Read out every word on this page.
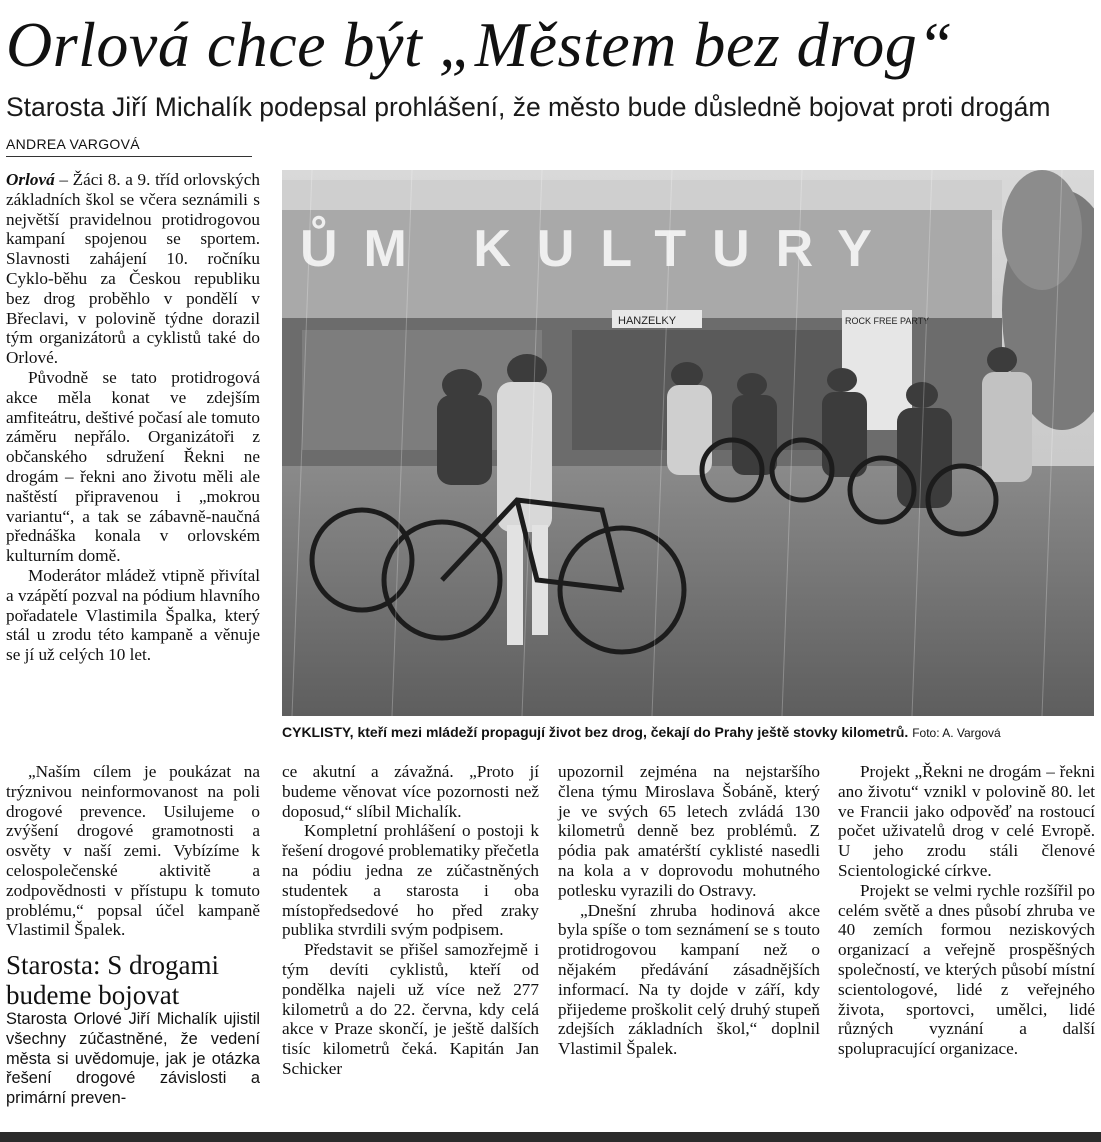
Orlová chce být „Městem bez drog“
Starosta Jiří Michalík podepsal prohlášení, že město bude důsledně bojovat proti drogám
ANDREA VARGOVÁ

Orlová – Žáci 8. a 9. tříd orlovských základních škol se včera seznámili s největší pravidelnou protidrogovou kampaní spojenou se sportem. Slavnosti zahájení 10. ročníku Cyklo-běhu za Českou republiku bez drog proběhlo v pondělí v Břeclavi, v polovině týdne dorazil tým organizátorů a cyklistů také do Orlové.

Původně se tato protidrogová akce měla konat ve zdejším amfiteátru, deštivé počasí ale tomuto záměru nepřálo. Organizátoři z občanského sdružení Řekni ne drogám – řekni ano životu měli ale naštěstí připravenou i „mokrou variantu“, a tak se zábavně-naučná přednáška konala v orlovském kulturním domě.

Moderátor mládež vtipně přivítal a vzápětí pozval na pódium hlavního pořadatele Vlastimila Špalka, který stál u zrodu této kampaně a věnuje se jí už celých 10 let.

„Naším cílem je poukázat na trýznivou neinformovanost na poli drogové prevence. Usilujeme o zvýšení drogové gramotnosti a osvěty v naší zemi. Vybízíme k celospolečenské aktivitě a zodpovědnosti v přístupu k tomuto problému,“ popsal účel kampaně Vlastimil Špalek.

Starosta: S drogami budeme bojovat

Starosta Orlové Jiří Michalík ujistil všechny zúčastněné, že vedení města si uvědomuje, jak je otázka řešení drogové závislosti a primární preven-

ŮM KULTURY
HANZELKY	ROCK FREE PARTY
CYKLISTY, kteří mezi mládeží propagují život bez drog, čekají do Prahy ještě stovky kilometrů. Foto: A. Vargová

ce akutní a závažná. „Proto jí budeme věnovat více pozornosti než doposud,“ slíbil Michalík.

Kompletní prohlášení o postoji k řešení drogové problematiky přečetla na pódiu jedna ze zúčastněných studentek a starosta i oba místopředsedové ho před zraky publika stvrdili svým podpisem.

Představit se přišel samozřejmě i tým devíti cyklistů, kteří od pondělka najeli už více než 277 kilometrů a do 22. června, kdy celá akce v Praze skončí, je ještě dalších tisíc kilometrů čeká. Kapitán Jan Schicker

upozornil zejména na nejstaršího člena týmu Miroslava Šobáně, který je ve svých 65 letech zvládá 130 kilometrů denně bez problémů. Z pódia pak amatérští cyklisté nasedli na kola a v doprovodu mohutného potlesku vyrazili do Ostravy.

„Dnešní zhruba hodinová akce byla spíše o tom seznámení se s touto protidrogovou kampaní než o nějakém předávání zásadnějších informací. Na ty dojde v září, kdy přijedeme proškolit celý druhý stupeň zdejších základních škol,“ doplnil Vlastimil Špalek.

Projekt „Řekni ne drogám – řekni ano životu“ vznikl v polovině 80. let ve Francii jako odpověď na rostoucí počet uživatelů drog v celé Evropě. U jeho zrodu stáli členové Scientologické církve.

Projekt se velmi rychle rozšířil po celém světě a dnes působí zhruba ve 40 zemích formou neziskových organizací a veřejně prospěšných společností, ve kterých působí místní scientologové, lidé z veřejného života, sportovci, umělci, lidé různých vyznání a další spolupracující organizace.
